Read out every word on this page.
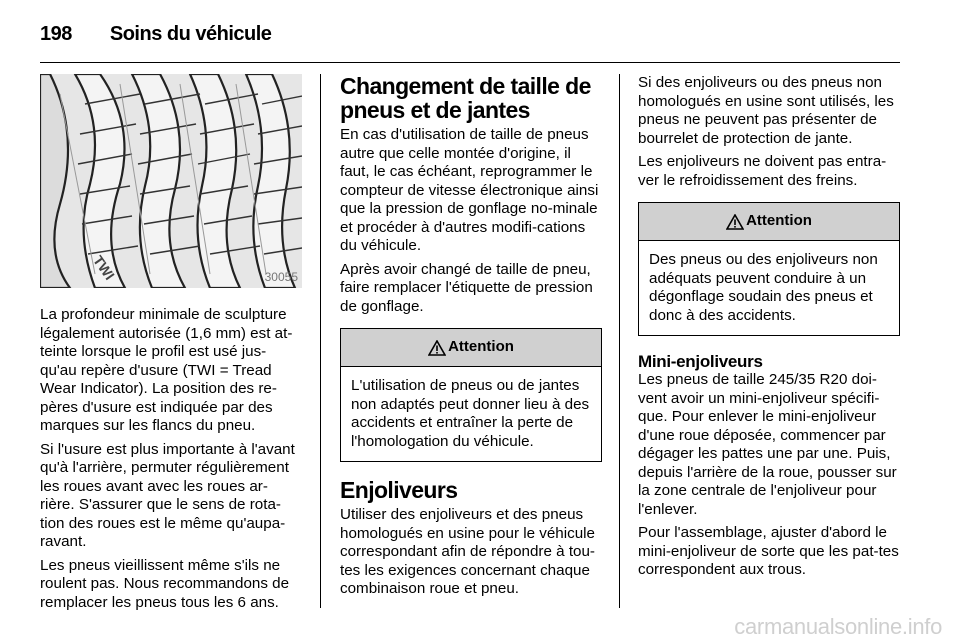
198 Soins du véhicule
TWI	30055

La profondeur minimale de sculpture légalement autorisée (1,6 mm) est at-teinte lorsque le profil est usé jus-qu'au repère d'usure (TWI = Tread Wear Indicator). La position des re-pères d'usure est indiquée par des marques sur les flancs du pneu.

Si l'usure est plus importante à l'avant qu'à l'arrière, permuter régulièrement les roues avant avec les roues ar-rière. S'assurer que le sens de rota-tion des roues est le même qu'aupa-ravant.

Les pneus vieillissent même s'ils ne roulent pas. Nous recommandons de remplacer les pneus tous les 6 ans.

Changement de taille de pneus et de jantes

En cas d'utilisation de taille de pneus autre que celle montée d'origine, il faut, le cas échéant, reprogrammer le compteur de vitesse électronique ainsi que la pression de gonflage no-minale et procéder à d'autres modifi-cations du véhicule.

Après avoir changé de taille de pneu, faire remplacer l'étiquette de pression de gonflage.

Attention
L'utilisation de pneus ou de jantes non adaptés peut donner lieu à des accidents et entraîner la perte de l'homologation du véhicule.
Enjoliveurs

Utiliser des enjoliveurs et des pneus homologués en usine pour le véhicule correspondant afin de répondre à tou-tes les exigences concernant chaque combinaison roue et pneu.

Si des enjoliveurs ou des pneus non homologués en usine sont utilisés, les pneus ne peuvent pas présenter de bourrelet de protection de jante.

Les enjoliveurs ne doivent pas entra-ver le refroidissement des freins.

Attention
Des pneus ou des enjoliveurs non adéquats peuvent conduire à un dégonflage soudain des pneus et donc à des accidents.
Mini-enjoliveurs

Les pneus de taille 245/35 R20 doi-vent avoir un mini-enjoliveur spécifi-que. Pour enlever le mini-enjoliveur d'une roue déposée, commencer par dégager les pattes une par une. Puis, depuis l'arrière de la roue, pousser sur la zone centrale de l'enjoliveur pour l'enlever.

Pour l'assemblage, ajuster d'abord le mini-enjoliveur de sorte que les pat-tes correspondent aux trous.

carmanualsonline.info
